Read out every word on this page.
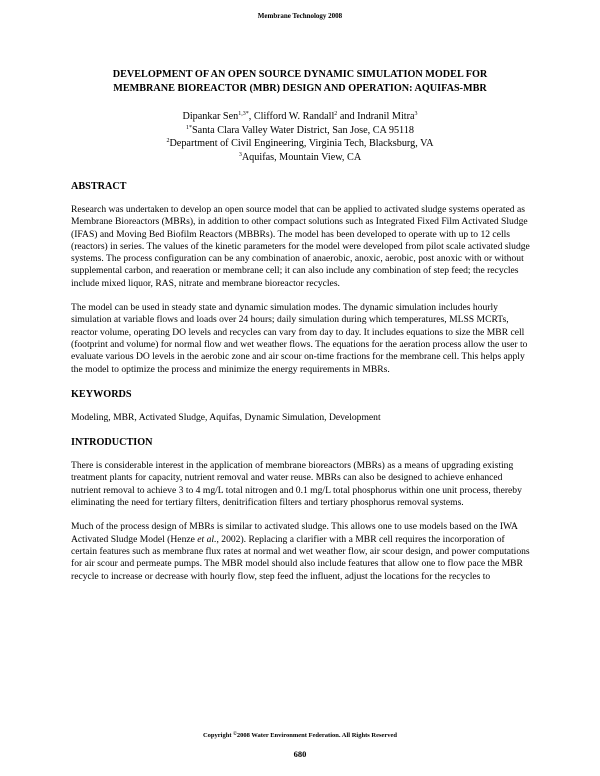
Membrane Technology 2008
DEVELOPMENT OF AN OPEN SOURCE DYNAMIC SIMULATION MODEL FOR
MEMBRANE BIOREACTOR (MBR) DESIGN AND OPERATION: AQUIFAS-MBR
Dipankar Sen$^{1,3*}$, Clifford W. Randall$^2$ and Indranil Mitra$^3$
$^{1*}$Santa Clara Valley Water District, San Jose, CA 95118
$^2$Department of Civil Engineering, Virginia Tech, Blacksburg, VA
$^3$Aquifas, Mountain View, CA
ABSTRACT

Research was undertaken to develop an open source model that can be applied to activated sludge systems operated as Membrane Bioreactors (MBRs), in addition to other compact solutions such as Integrated Fixed Film Activated Sludge (IFAS) and Moving Bed Biofilm Reactors (MBBRs). The model has been developed to operate with up to 12 cells (reactors) in series. The values of the kinetic parameters for the model were developed from pilot scale activated sludge systems. The process configuration can be any combination of anaerobic, anoxic, aerobic, post anoxic with or without supplemental carbon, and reaeration or membrane cell; it can also include any combination of step feed; the recycles include mixed liquor, RAS, nitrate and membrane bioreactor recycles.

The model can be used in steady state and dynamic simulation modes. The dynamic simulation includes hourly simulation at variable flows and loads over 24 hours; daily simulation during which temperatures, MLSS MCRTs, reactor volume, operating DO levels and recycles can vary from day to day. It includes equations to size the MBR cell (footprint and volume) for normal flow and wet weather flows. The equations for the aeration process allow the user to evaluate various DO levels in the aerobic zone and air scour on-time fractions for the membrane cell. This helps apply the model to optimize the process and minimize the energy requirements in MBRs.

KEYWORDS

Modeling, MBR, Activated Sludge, Aquifas, Dynamic Simulation, Development

INTRODUCTION

There is considerable interest in the application of membrane bioreactors (MBRs) as a means of upgrading existing treatment plants for capacity, nutrient removal and water reuse. MBRs can also be designed to achieve enhanced nutrient removal to achieve 3 to 4 mg/L total nitrogen and 0.1 mg/L total phosphorus within one unit process, thereby eliminating the need for tertiary filters, denitrification filters and tertiary phosphorus removal systems.

Much of the process design of MBRs is similar to activated sludge. This allows one to use models based on the IWA Activated Sludge Model (Henze et al., 2002). Replacing a clarifier with a MBR cell requires the incorporation of certain features such as membrane flux rates at normal and wet weather flow, air scour design, and power computations for air scour and permeate pumps. The MBR model should also include features that allow one to flow pace the MBR recycle to increase or decrease with hourly flow, step feed the influent, adjust the locations for the recycles to

Copyright ©2008 Water Environment Federation. All Rights Reserved
680
